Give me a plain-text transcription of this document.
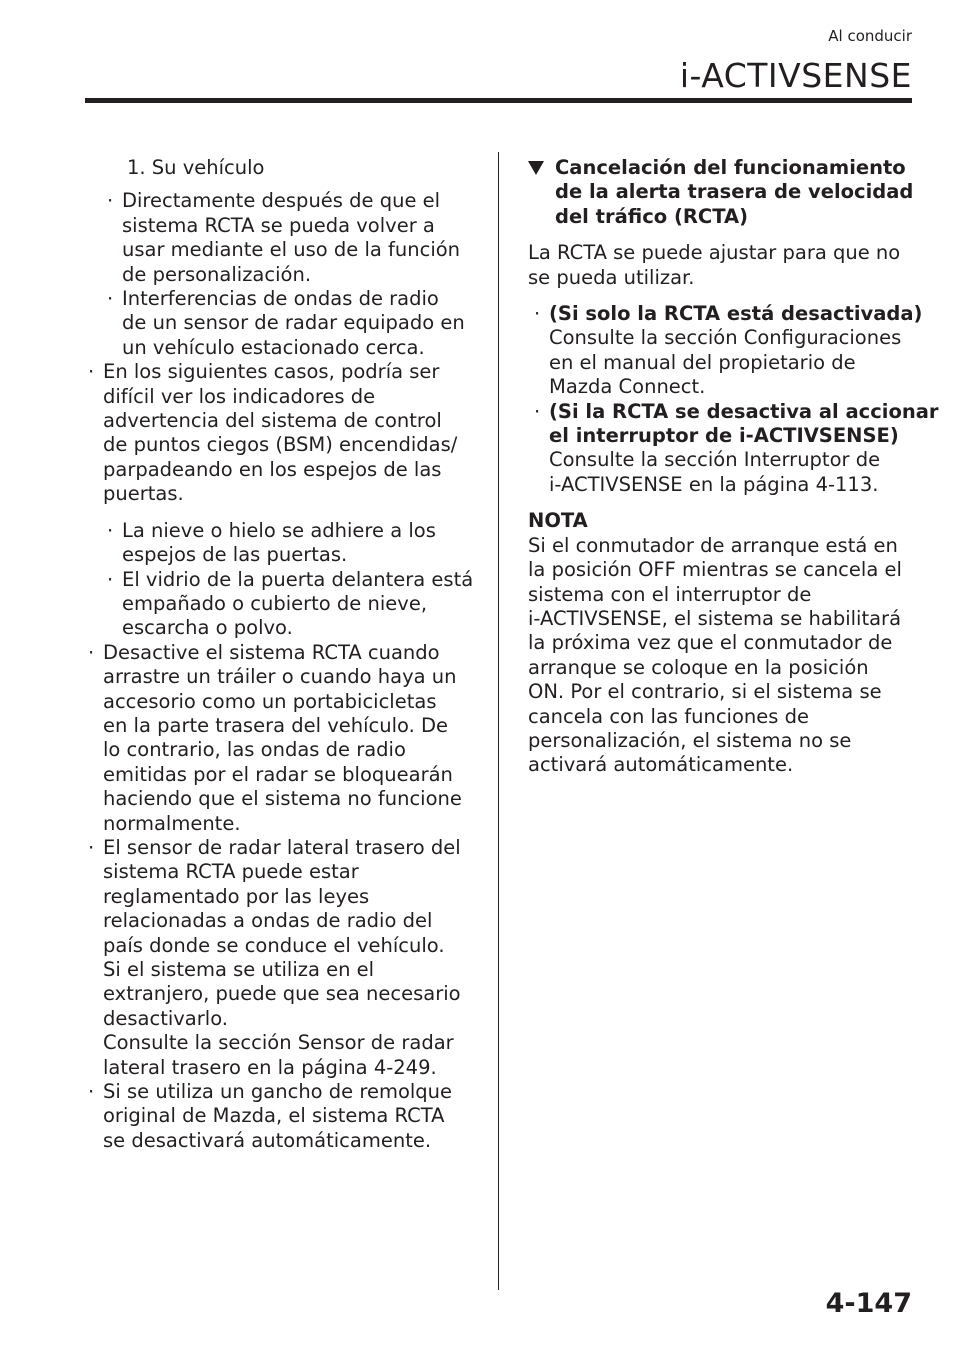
Al conducir
i-ACTIVSENSE
1. Su vehículo
· Directamente después de que el
sistema RCTA se pueda volver a
usar mediante el uso de la función
de personalización.
· Interferencias de ondas de radio
de un sensor de radar equipado en
un vehículo estacionado cerca.
· En los siguientes casos, podría ser
difícil ver los indicadores de
advertencia del sistema de control
de puntos ciegos (BSM) encendidas/
parpadeando en los espejos de las
puertas.
· La nieve o hielo se adhiere a los
espejos de las puertas.
· El vidrio de la puerta delantera está
empañado o cubierto de nieve,
escarcha o polvo.
· Desactive el sistema RCTA cuando
arrastre un tráiler o cuando haya un
accesorio como un portabicicletas
en la parte trasera del vehículo. De
lo contrario, las ondas de radio
emitidas por el radar se bloquearán
haciendo que el sistema no funcione
normalmente.
· El sensor de radar lateral trasero del
sistema RCTA puede estar
reglamentado por las leyes
relacionadas a ondas de radio del
país donde se conduce el vehículo.
Si el sistema se utiliza en el
extranjero, puede que sea necesario
desactivarlo.
Consulte la sección Sensor de radar
lateral trasero en la página 4-249.
· Si se utiliza un gancho de remolque
original de Mazda, el sistema RCTA
se desactivará automáticamente.
Cancelación del funcionamiento
de la alerta trasera de velocidad
del tráfico (RCTA)
La RCTA se puede ajustar para que no
se pueda utilizar.
· (Si solo la RCTA está desactivada)
Consulte la sección Configuraciones
en el manual del propietario de
Mazda Connect.
· (Si la RCTA se desactiva al accionar
el interruptor de i-ACTIVSENSE)
Consulte la sección Interruptor de
i-ACTIVSENSE en la página 4-113.
NOTA
Si el conmutador de arranque está en
la posición OFF mientras se cancela el
sistema con el interruptor de
i-ACTIVSENSE, el sistema se habilitará
la próxima vez que el conmutador de
arranque se coloque en la posición
ON. Por el contrario, si el sistema se
cancela con las funciones de
personalización, el sistema no se
activará automáticamente.
4-147
